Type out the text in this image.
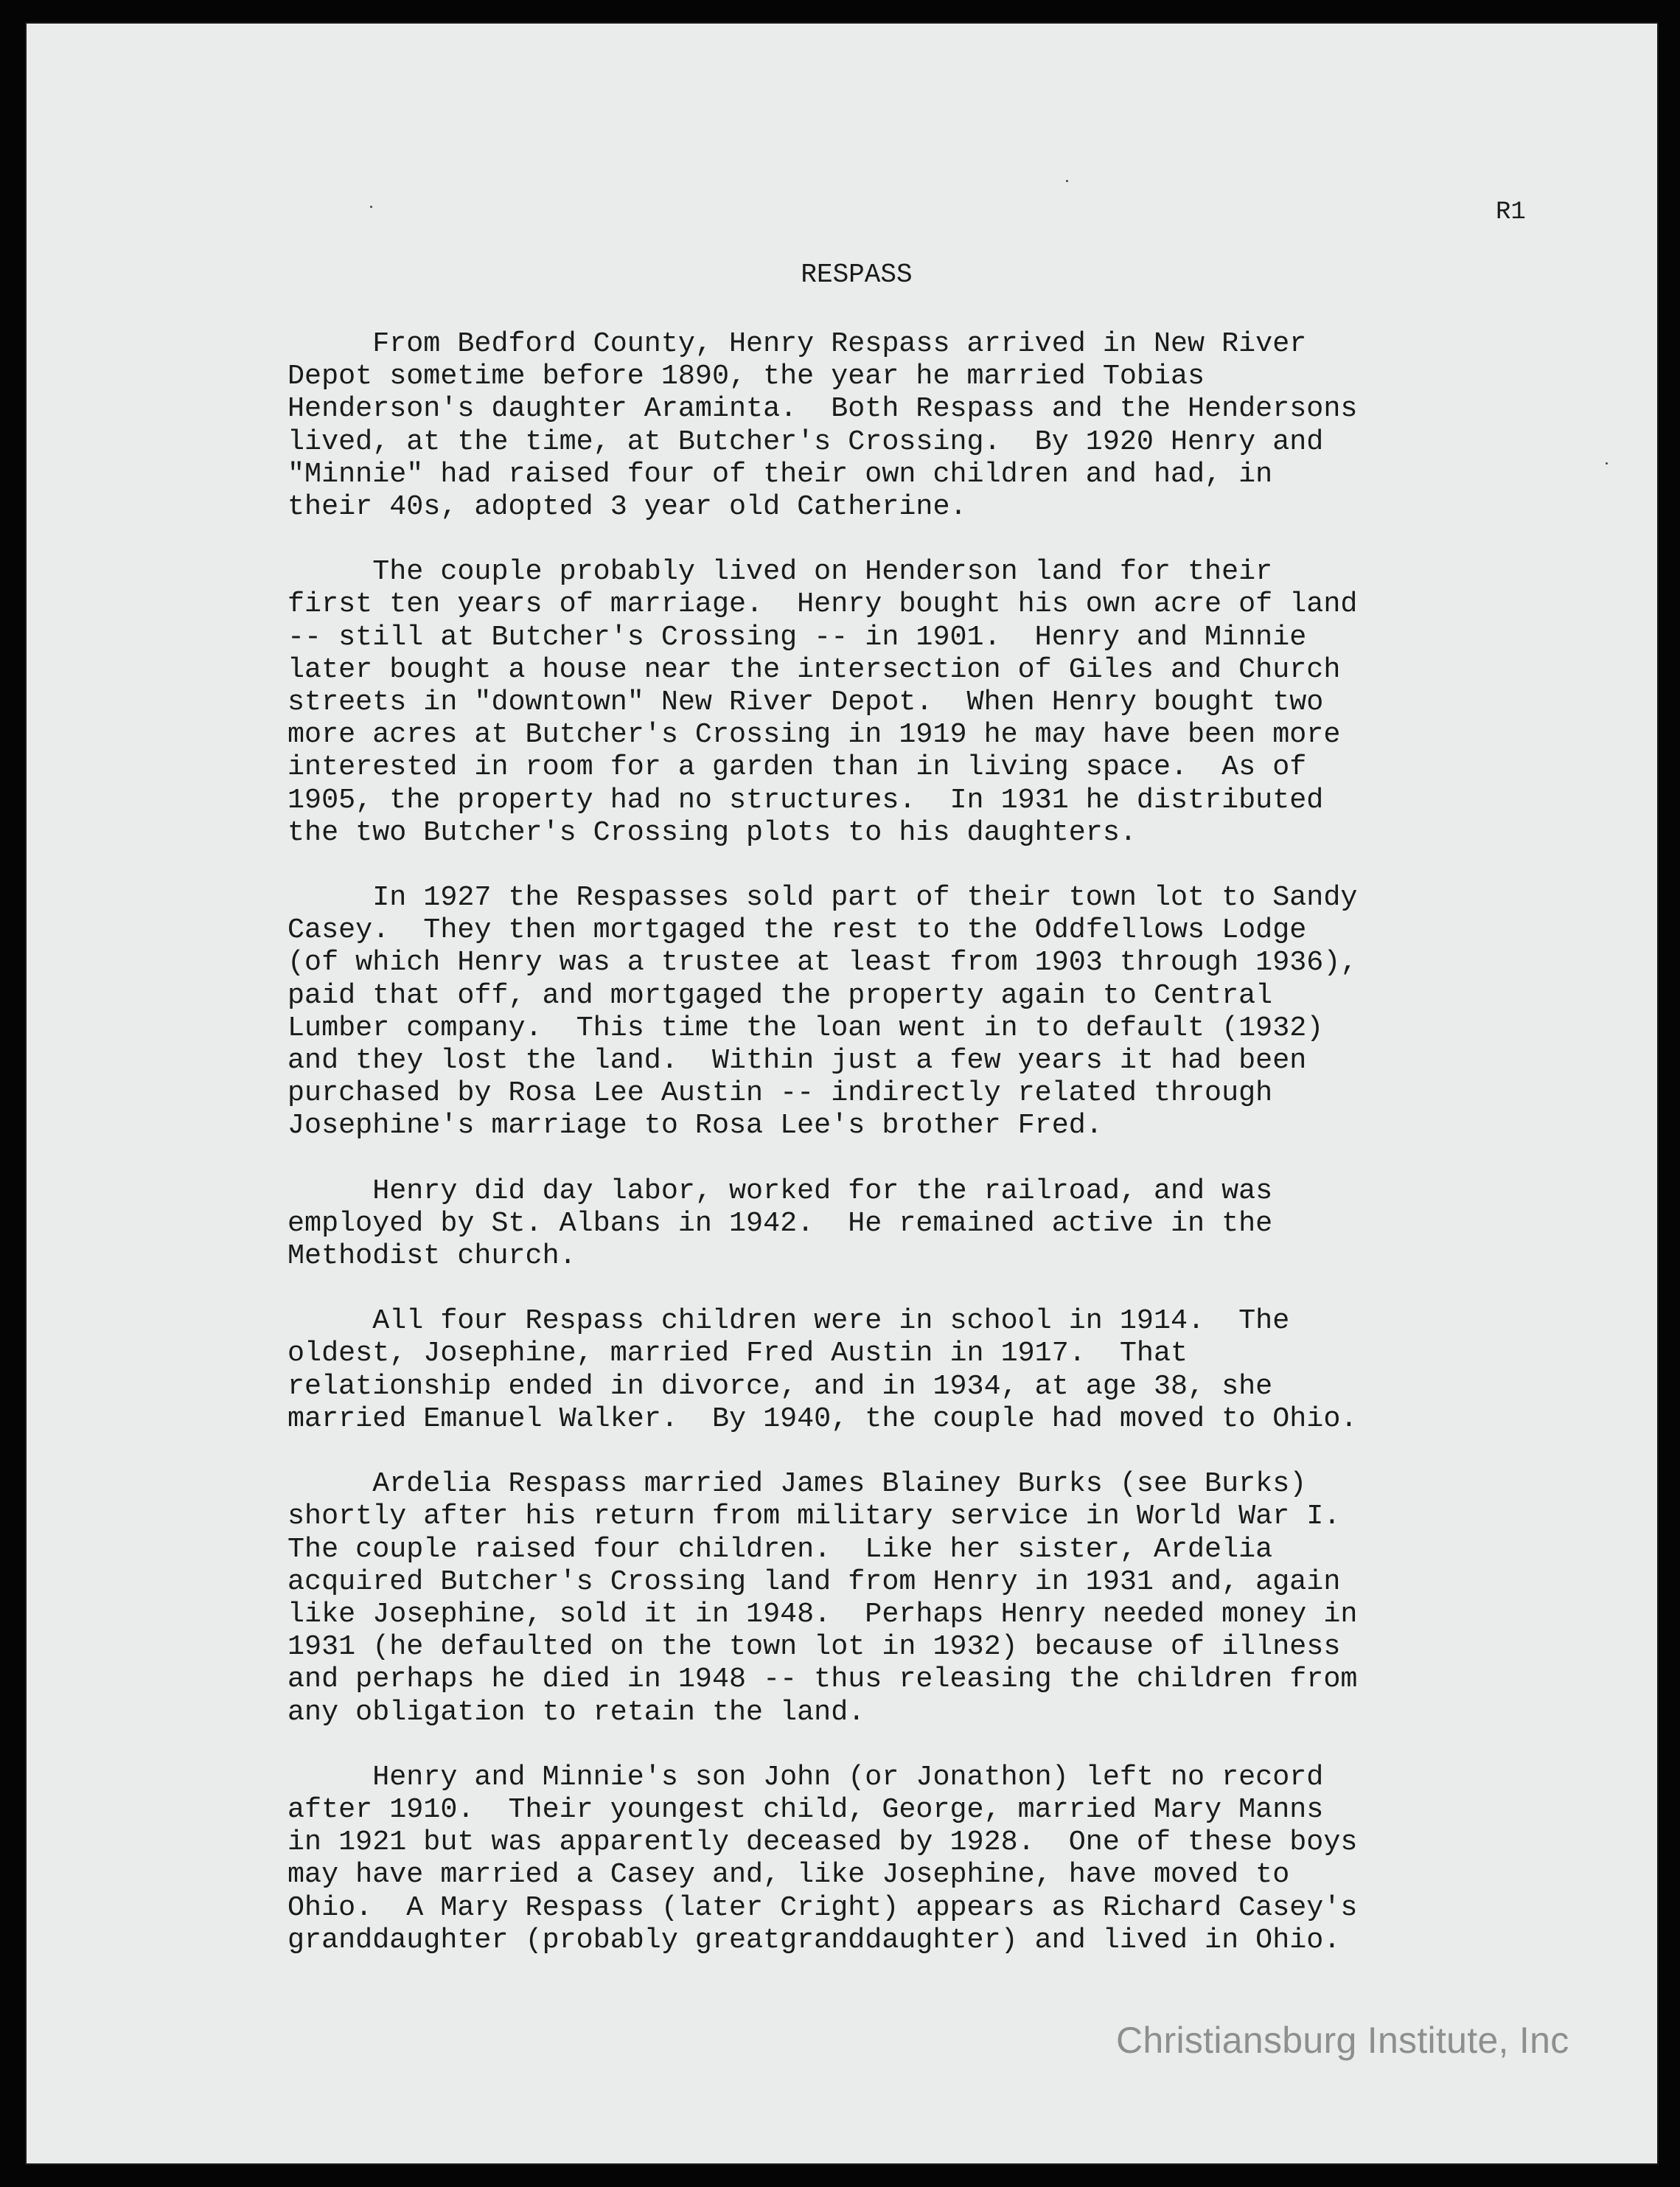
R1
RESPASS
From Bedford County, Henry Respass arrived in New River
Depot sometime before 1890, the year he married Tobias
Henderson's daughter Araminta.  Both Respass and the Hendersons
lived, at the time, at Butcher's Crossing.  By 1920 Henry and
"Minnie" had raised four of their own children and had, in
their 40s, adopted 3 year old Catherine.
The couple probably lived on Henderson land for their
first ten years of marriage.  Henry bought his own acre of land
-- still at Butcher's Crossing -- in 1901.  Henry and Minnie
later bought a house near the intersection of Giles and Church
streets in "downtown" New River Depot.  When Henry bought two
more acres at Butcher's Crossing in 1919 he may have been more
interested in room for a garden than in living space.  As of
1905, the property had no structures.  In 1931 he distributed
the two Butcher's Crossing plots to his daughters.
In 1927 the Respasses sold part of their town lot to Sandy
Casey.  They then mortgaged the rest to the Oddfellows Lodge
(of which Henry was a trustee at least from 1903 through 1936),
paid that off, and mortgaged the property again to Central
Lumber company.  This time the loan went in to default (1932)
and they lost the land.  Within just a few years it had been
purchased by Rosa Lee Austin -- indirectly related through
Josephine's marriage to Rosa Lee's brother Fred.
Henry did day labor, worked for the railroad, and was
employed by St. Albans in 1942.  He remained active in the
Methodist church.
All four Respass children were in school in 1914.  The
oldest, Josephine, married Fred Austin in 1917.  That
relationship ended in divorce, and in 1934, at age 38, she
married Emanuel Walker.  By 1940, the couple had moved to Ohio.
Ardelia Respass married James Blainey Burks (see Burks)
shortly after his return from military service in World War I.
The couple raised four children.  Like her sister, Ardelia
acquired Butcher's Crossing land from Henry in 1931 and, again
like Josephine, sold it in 1948.  Perhaps Henry needed money in
1931 (he defaulted on the town lot in 1932) because of illness
and perhaps he died in 1948 -- thus releasing the children from
any obligation to retain the land.
Henry and Minnie's son John (or Jonathon) left no record
after 1910.  Their youngest child, George, married Mary Manns
in 1921 but was apparently deceased by 1928.  One of these boys
may have married a Casey and, like Josephine, have moved to
Ohio.  A Mary Respass (later Cright) appears as Richard Casey's
granddaughter (probably greatgranddaughter) and lived in Ohio.
Christiansburg Institute, Inc
